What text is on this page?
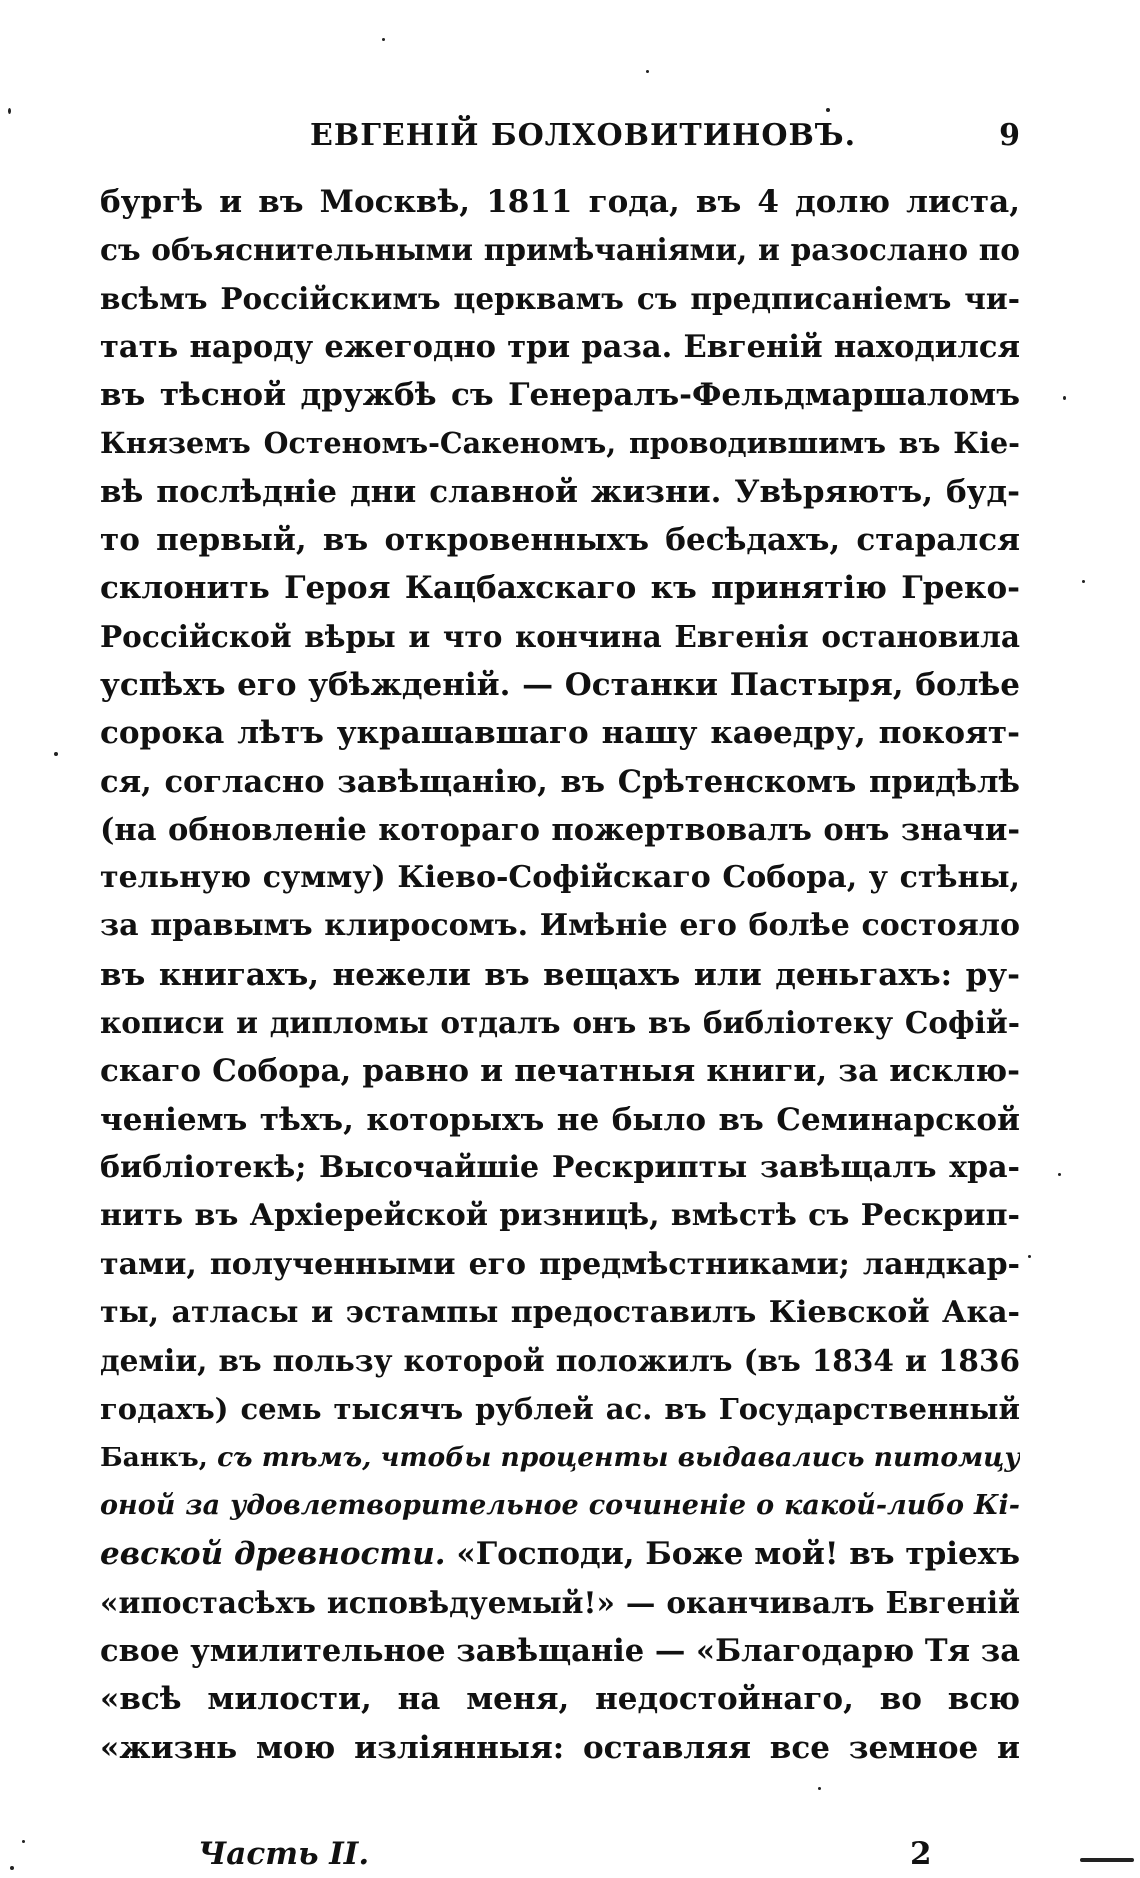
ЕВГЕНІЙ БОЛХОВИТИНОВЪ.	9
бургѣ и въ Москвѣ, 1811 года, въ 4 долю листа,
съ объяснительными примѣчаніями, и разослано по
всѣмъ Россійскимъ церквамъ съ предписаніемъ чи-
тать народу ежегодно три раза. Евгеній находился
въ тѣсной дружбѣ съ Генералъ-Фельдмаршаломъ
Княземъ Остеномъ-Сакеномъ, проводившимъ въ Кіе-
вѣ послѣдніе дни славной жизни. Увѣряютъ, буд-
то первый, въ откровенныхъ бесѣдахъ, старался
склонить Героя Кацбахскаго къ принятію Греко-
Россійской вѣры и что кончина Евгенія остановила
успѣхъ его убѣжденій. — Останки Пастыря, болѣе
сорока лѣтъ украшавшаго нашу каѳедру, покоят-
ся, согласно завѣщанію, въ Срѣтенскомъ придѣлѣ
(на обновленіе котораго пожертвовалъ онъ значи-
тельную сумму) Кіево-Софійскаго Собора, у стѣны,
за правымъ клиросомъ. Имѣніе его болѣе состояло
въ книгахъ, нежели въ вещахъ или деньгахъ: ру-
кописи и дипломы отдалъ онъ въ библіотеку Софій-
скаго Собора, равно и печатныя книги, за исклю-
ченіемъ тѣхъ, которыхъ не было въ Семинарской
библіотекѣ; Высочайшіе Рескрипты завѣщалъ хра-
нить въ Архіерейской ризницѣ, вмѣстѣ съ Рескрип-
тами, полученными его предмѣстниками; ландкар-
ты, атласы и эстампы предоставилъ Кіевской Ака-
деміи, въ пользу которой положилъ (въ 1834 и 1836
годахъ) семь тысячъ рублей ас. въ Государственный
Банкъ, съ тѣмъ, чтобы проценты выдавались питомцу
оной за удовлетворительное сочиненіе о какой-либо Кі-
евской древности. «Господи, Боже мой! въ тріехъ
«ипостасѣхъ исповѣдуемый!» — оканчивалъ Евгеній
свое умилительное завѣщаніе — «Благодарю Тя за
«всѣ милости, на меня, недостойнаго, во всю
«жизнь мою изліянныя: оставляя все земное и
Часть II.	2
